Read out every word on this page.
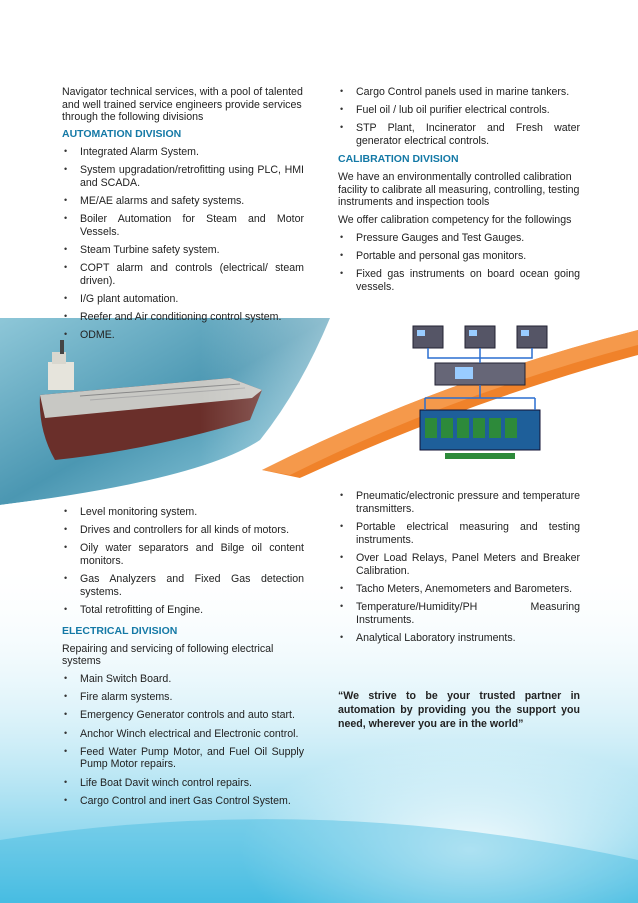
Navigator technical services, with a pool of talented and well trained service engineers provide services through the following divisions

AUTOMATION DIVISION
• Integrated Alarm System.
• System upgradation/retrofitting using PLC, HMI and SCADA.
• ME/AE alarms and safety systems.
• Boiler Automation for Steam and Motor Vessels.
• Steam Turbine safety system.
• COPT alarm and controls (electrical/ steam driven).
• I/G plant automation.
• Reefer and Air conditioning control system.
• ODME.
• Cargo Control panels used in marine tankers.
• Fuel oil / lub oil purifier electrical controls.
• STP Plant, Incinerator and Fresh water generator electrical controls.
CALIBRATION DIVISION

We have an environmentally controlled calibration facility to calibrate all measuring, controlling, testing instruments and inspection tools

We offer calibration competency for the followings

• Pressure Gauges and Test Gauges.
• Portable and personal gas monitors.
• Fixed gas instruments on board ocean going vessels.
• Level monitoring system.
• Drives and controllers for all kinds of motors.
• Oily water separators and Bilge oil content monitors.
• Gas Analyzers and Fixed Gas detection systems.
• Total retrofitting of Engine.
ELECTRICAL DIVISION

Repairing and servicing of following electrical systems

• Main Switch Board.
• Fire alarm systems.
• Emergency Generator controls and auto start.
• Anchor Winch electrical and Electronic control.
• Feed Water Pump Motor, and Fuel Oil Supply Pump Motor repairs.
• Life Boat Davit winch control repairs.
• Cargo Control and inert Gas Control System.
• Pneumatic/electronic pressure and temperature transmitters.
• Portable electrical measuring and testing instruments.
• Over Load Relays, Panel Meters and Breaker Calibration.
• Tacho Meters, Anemometers and Barometers.
• Temperature/Humidity/PH Measuring Instruments.
• Analytical Laboratory instruments.
“We strive to be your trusted partner in automation by providing you the support you need, wherever you are in the world”
